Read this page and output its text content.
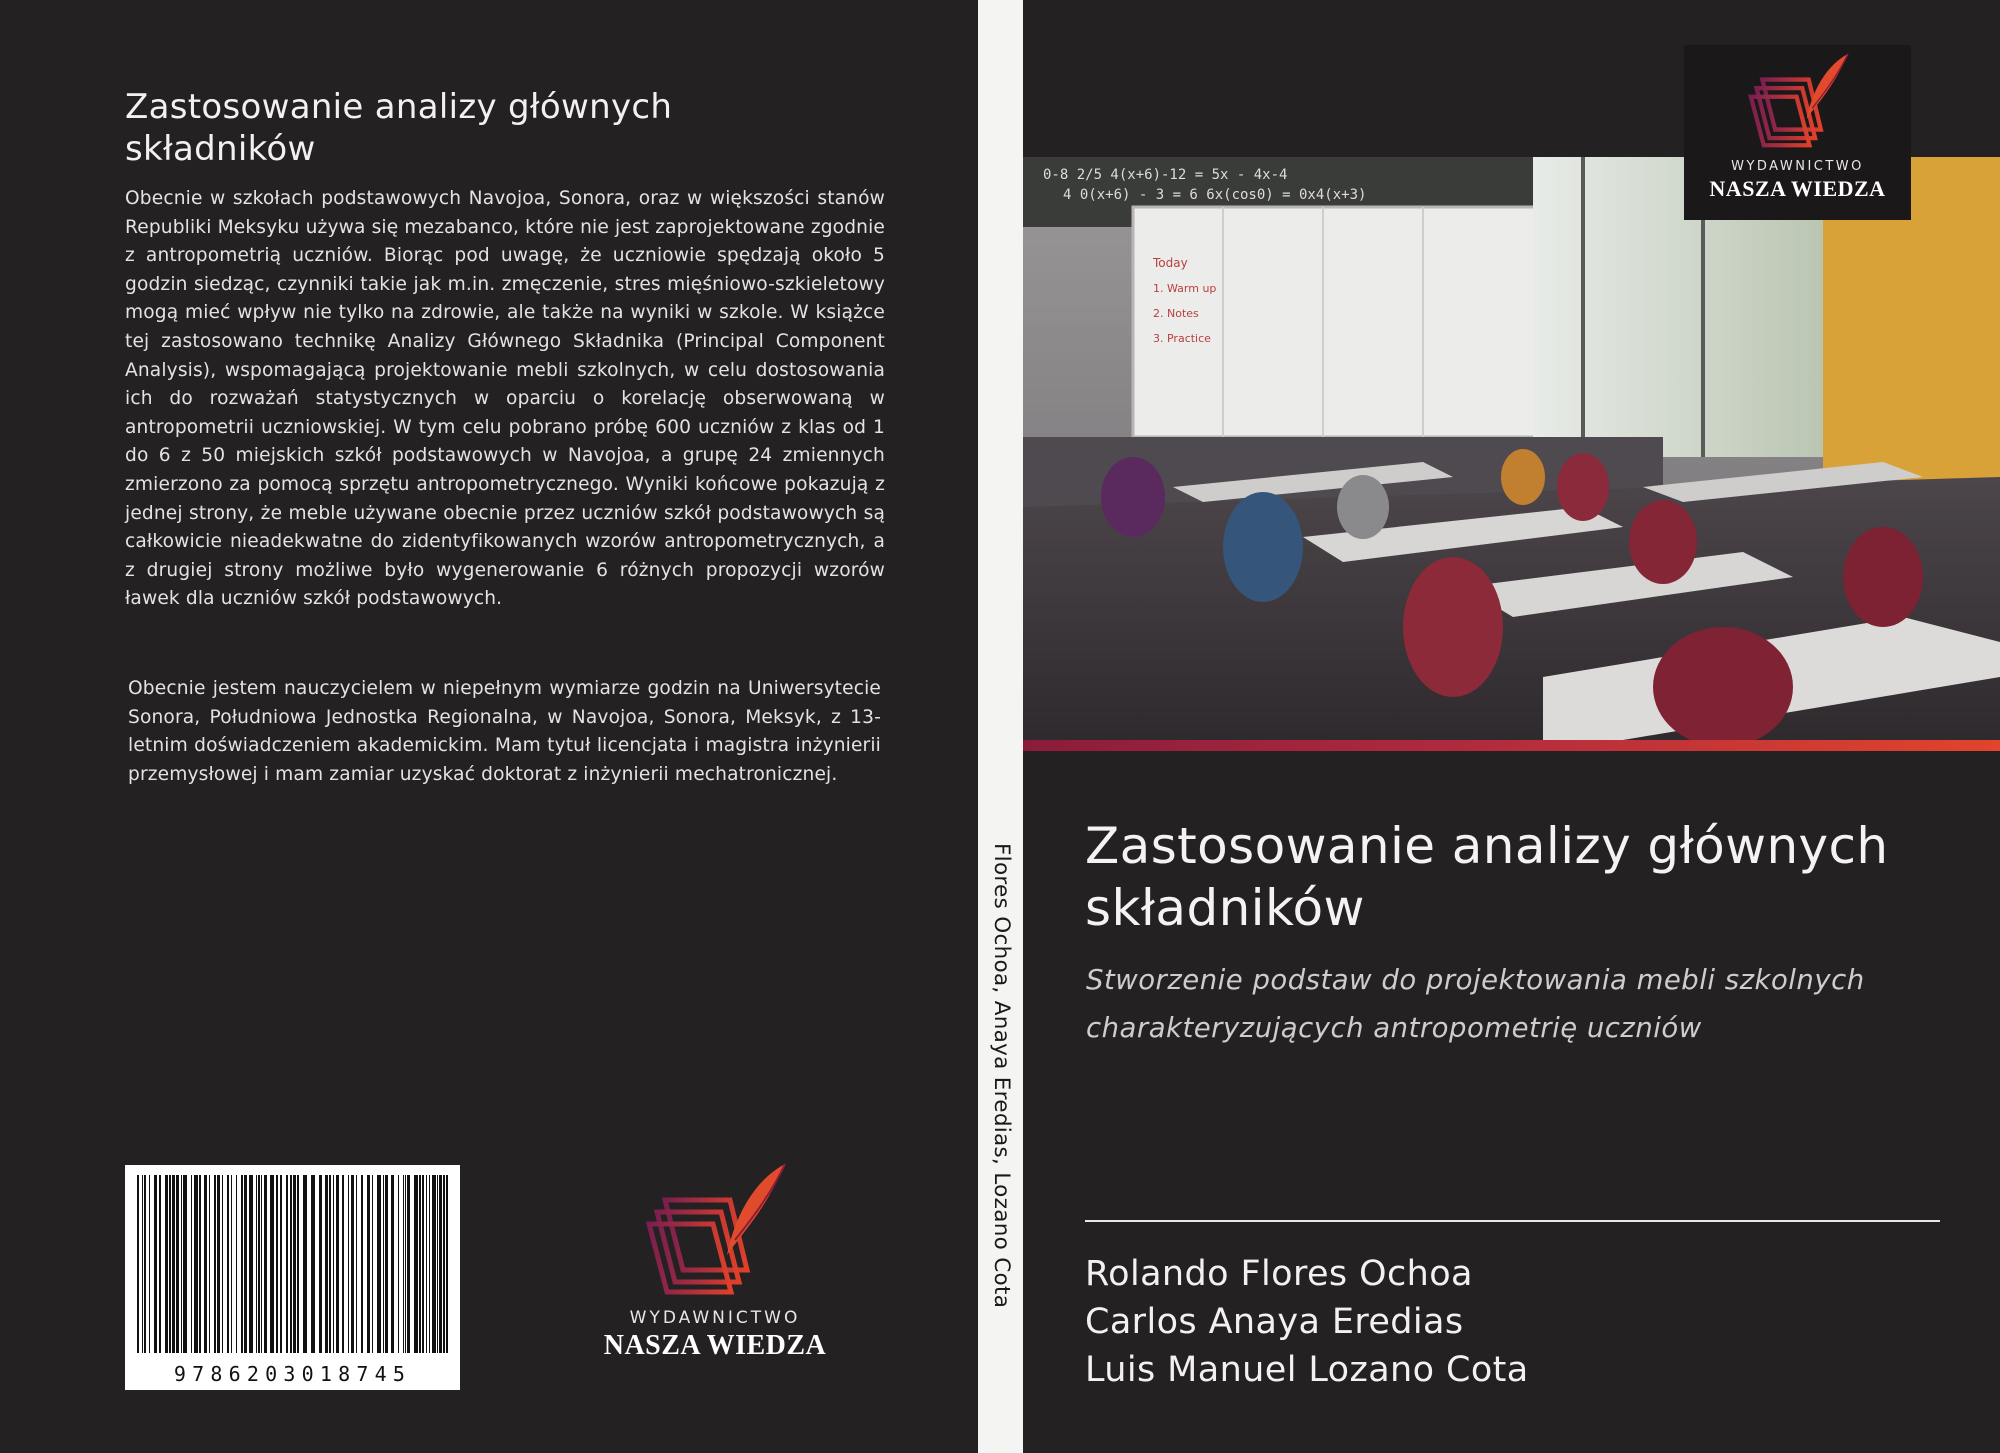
Zastosowanie analizy głównych składników
Obecnie w szkołach podstawowych Navojoa, Sonora, oraz w większości stanów Republiki Meksyku używa się mezabanco, które nie jest zaprojektowane zgodnie z antropometrią uczniów. Biorąc pod uwagę, że uczniowie spędzają około 5 godzin siedząc, czynniki takie jak m.in. zmęczenie, stres mięśniowo-szkieletowy mogą mieć wpływ nie tylko na zdrowie, ale także na wyniki w szkole. W książce tej zastosowano technikę Analizy Głównego Składnika (Principal Component Analysis), wspomagającą projektowanie mebli szkolnych, w celu dostosowania ich do rozważań statystycznych w oparciu o korelację obserwowaną w antropometrii uczniowskiej. W tym celu pobrano próbę 600 uczniów z klas od 1 do 6 z 50 miejskich szkół podstawowych w Navojoa, a grupę 24 zmiennych zmierzono za pomocą sprzętu antropometrycznego. Wyniki końcowe pokazują z jednej strony, że meble używane obecnie przez uczniów szkół podstawowych są całkowicie nieadekwatne do zidentyfikowanych wzorów antropometrycznych, a z drugiej strony możliwe było wygenerowanie 6 różnych propozycji wzorów ławek dla uczniów szkół podstawowych.
Obecnie jestem nauczycielem w niepełnym wymiarze godzin na Uniwersytecie Sonora, Południowa Jednostka Regionalna, w Navojoa, Sonora, Meksyk, z 13-letnim doświadczeniem akademickim. Mam tytuł licencjata i magistra inżynierii przemysłowej i mam zamiar uzyskać doktorat z inżynierii mechatronicznej.
9786203018745
WYDAWNICTWO
NASZA WIEDZA
Flores Ochoa, Anaya Eredias, Lozano Cota
0-8 2/5 4(x+6)-12 = 5x - 4x-4
4 0(x+6) - 3 = 6 6x(cos0) = 0x4(x+3)
Today
1. Warm up
2. Notes
3. Practice
WYDAWNICTWO
NASZA WIEDZA
Zastosowanie analizy głównych składników
Stworzenie podstaw do projektowania mebli szkolnych charakteryzujących antropometrię uczniów
Rolando Flores Ochoa
Carlos Anaya Eredias
Luis Manuel Lozano Cota
